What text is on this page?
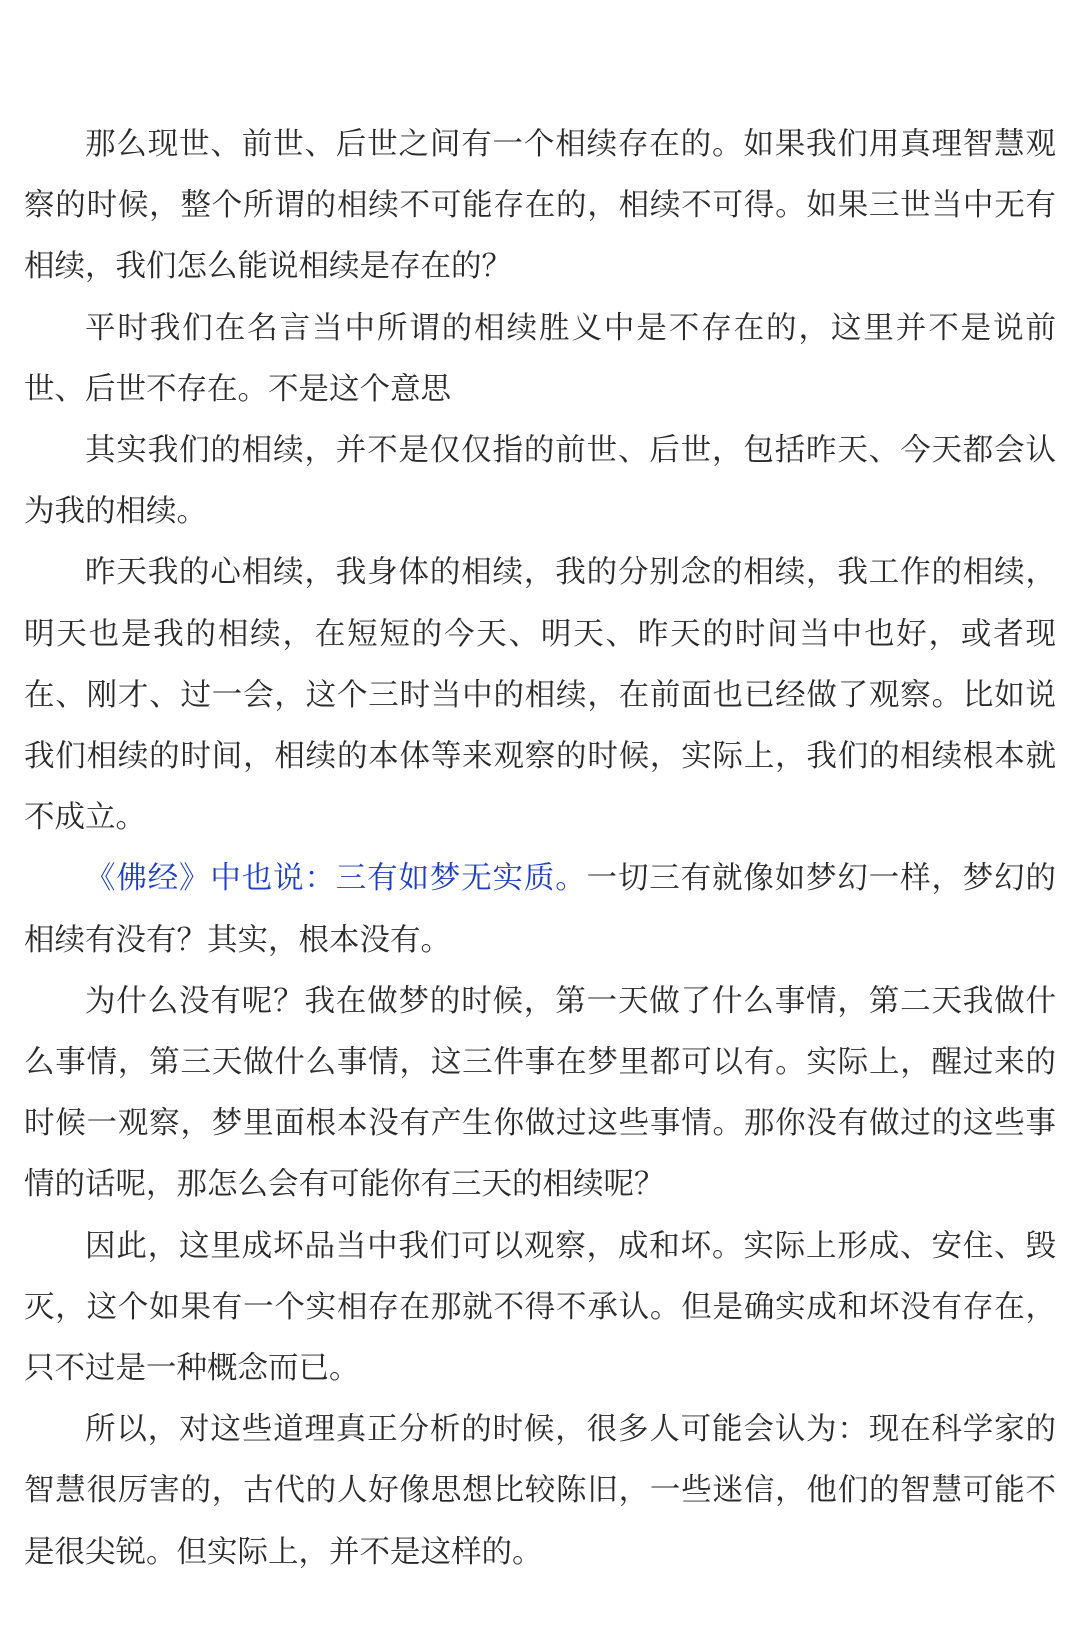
那么现世、前世、后世之间有一个相续存在的。如果我们用真理智慧观察的时候，整个所谓的相续不可能存在的，相续不可得。如果三世当中无有相续，我们怎么能说相续是存在的？

平时我们在名言当中所谓的相续胜义中是不存在的，这里并不是说前世、后世不存在。不是这个意思

其实我们的相续，并不是仅仅指的前世、后世，包括昨天、今天都会认为我的相续。

昨天我的心相续，我身体的相续，我的分别念的相续，我工作的相续，明天也是我的相续，在短短的今天、明天、昨天的时间当中也好，或者现在、刚才、过一会，这个三时当中的相续，在前面也已经做了观察。比如说我们相续的时间，相续的本体等来观察的时候，实际上，我们的相续根本就不成立。

《佛经》中也说：三有如梦无实质。一切三有就像如梦幻一样，梦幻的相续有没有？其实，根本没有。

为什么没有呢？我在做梦的时候，第一天做了什么事情，第二天我做什么事情，第三天做什么事情，这三件事在梦里都可以有。实际上，醒过来的时候一观察，梦里面根本没有产生你做过这些事情。那你没有做过的这些事情的话呢，那怎么会有可能你有三天的相续呢？

因此，这里成坏品当中我们可以观察，成和坏。实际上形成、安住、毁灭，这个如果有一个实相存在那就不得不承认。但是确实成和坏没有存在，只不过是一种概念而已。

所以，对这些道理真正分析的时候，很多人可能会认为：现在科学家的智慧很厉害的，古代的人好像思想比较陈旧，一些迷信，他们的智慧可能不是很尖锐。但实际上，并不是这样的。
